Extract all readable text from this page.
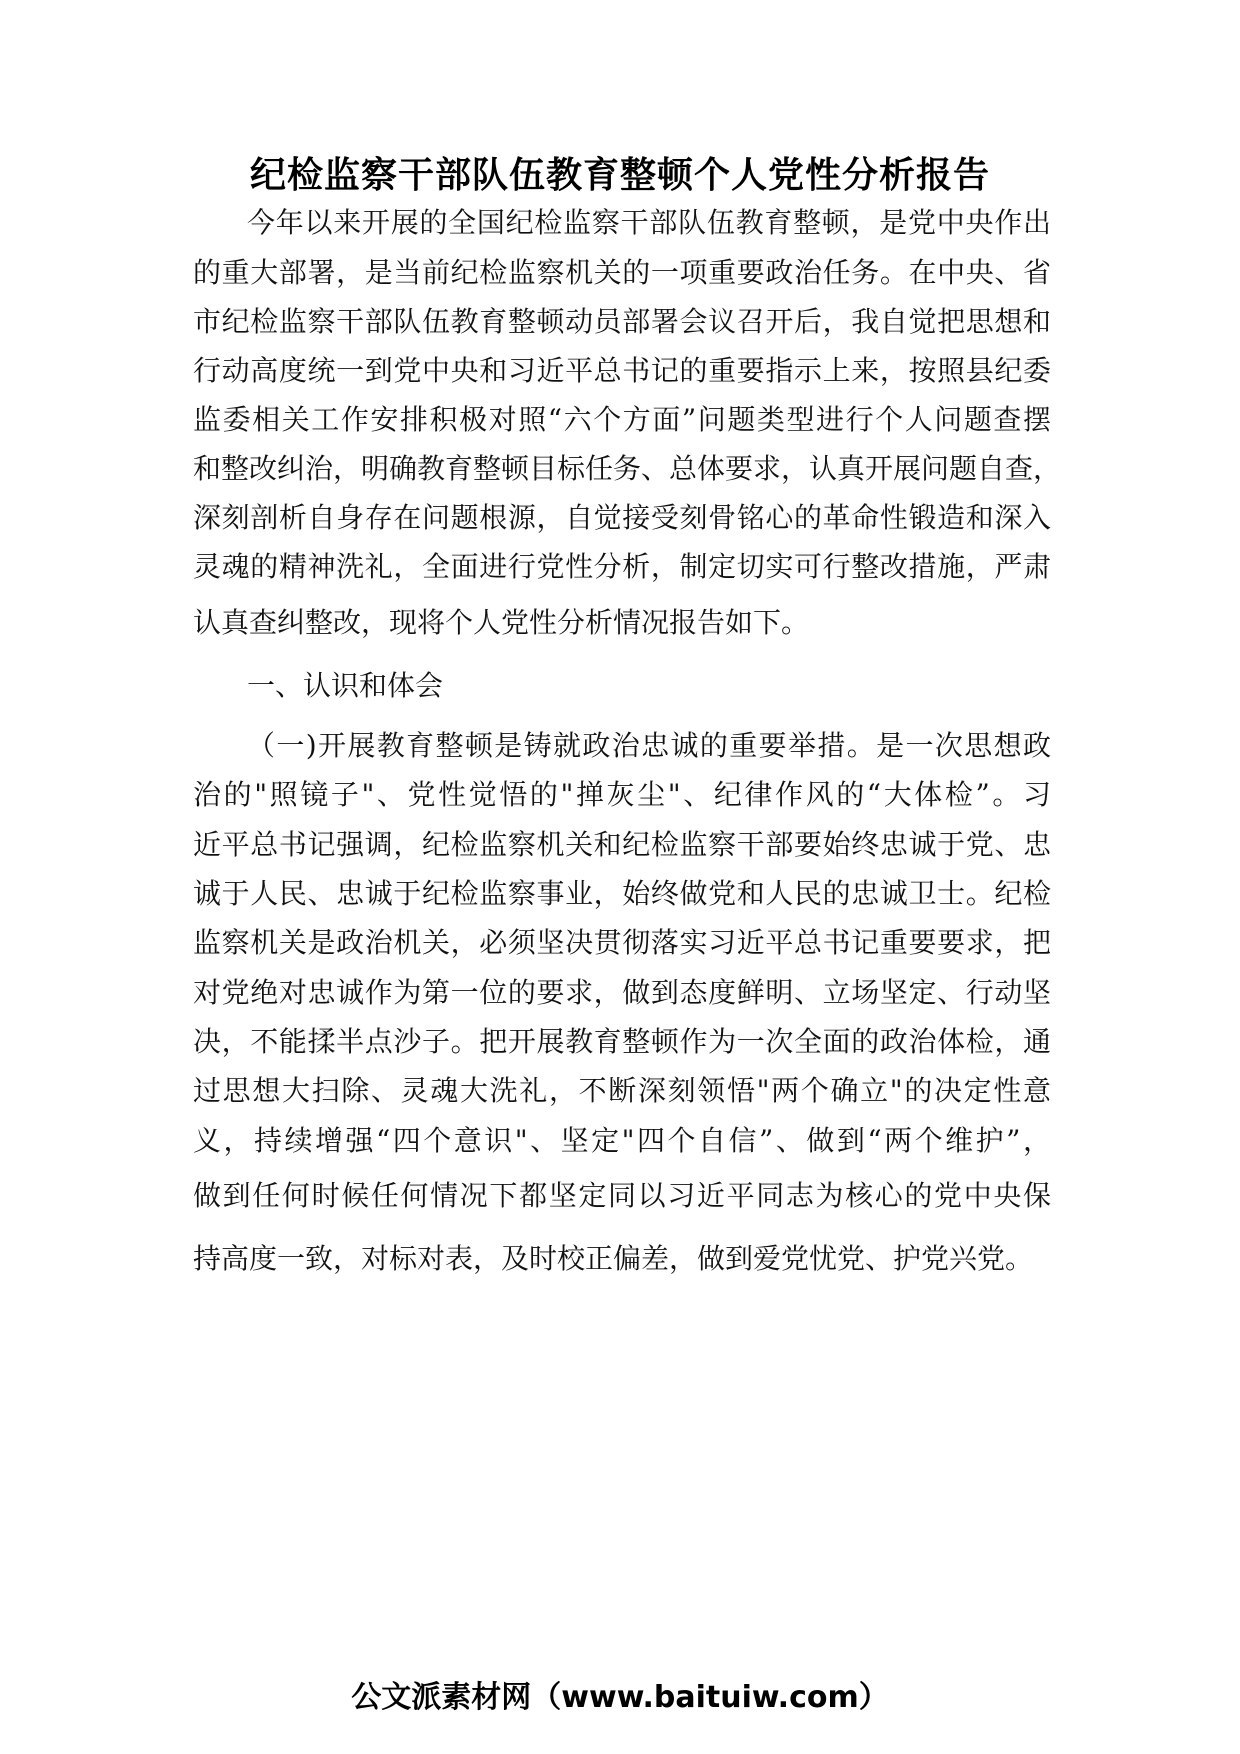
纪检监察干部队伍教育整顿个人党性分析报告
今年以来开展的全国纪检监察干部队伍教育整顿，是党中央作出
的重大部署，是当前纪检监察机关的一项重要政治任务。在中央、省
市纪检监察干部队伍教育整顿动员部署会议召开后，我自觉把思想和
行动高度统一到党中央和习近平总书记的重要指示上来，按照县纪委
监委相关工作安排积极对照“六个方面”问题类型进行个人问题查摆
和整改纠治，明确教育整顿目标任务、总体要求，认真开展问题自查，
深刻剖析自身存在问题根源，自觉接受刻骨铭心的革命性锻造和深入
灵魂的精神洗礼，全面进行党性分析，制定切实可行整改措施，严肃
认真查纠整改，现将个人党性分析情况报告如下。
一、认识和体会
（一)开展教育整顿是铸就政治忠诚的重要举措。是一次思想政
治的"照镜子"、党性觉悟的"掸灰尘"、纪律作风的“大体检”。习
近平总书记强调，纪检监察机关和纪检监察干部要始终忠诚于党、忠
诚于人民、忠诚于纪检监察事业，始终做党和人民的忠诚卫士。纪检
监察机关是政治机关，必须坚决贯彻落实习近平总书记重要要求，把
对党绝对忠诚作为第一位的要求，做到态度鲜明、立场坚定、行动坚
决，不能揉半点沙子。把开展教育整顿作为一次全面的政治体检，通
过思想大扫除、灵魂大洗礼，不断深刻领悟"两个确立"的决定性意
义，持续增强“四个意识"、坚定"四个自信”、做到“两个维护”，
做到任何时候任何情况下都坚定同以习近平同志为核心的党中央保
持高度一致，对标对表，及时校正偏差，做到爱党忧党、护党兴党。
公文派素材网（www.baituiw.com）
